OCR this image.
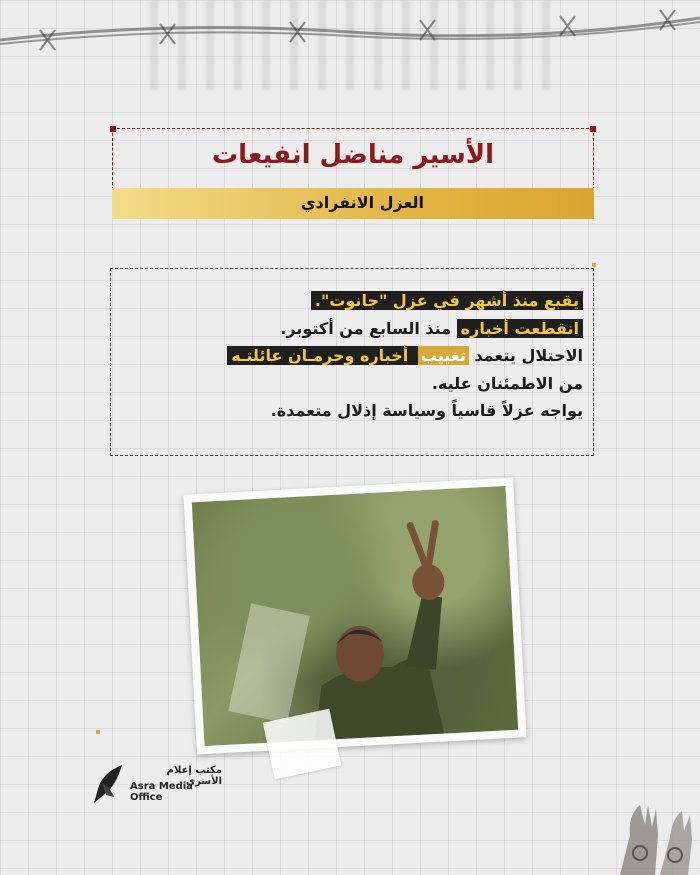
الأسير مناضل انفيعات
العزل الانفرادي
يقبع منذ أشهر في عزل "جانوت".
انقطعت أخباره منذ السابع من أكتوبر.
الاحتلال يتعمد تغييب أخباره وحرمـان عائلتـه
من الاطمئنان عليه.
يواجه عزلاً قاسياً وسياسة إذلال متعمدة.
مكتب إعلام الأسرى
Asra Media Office
